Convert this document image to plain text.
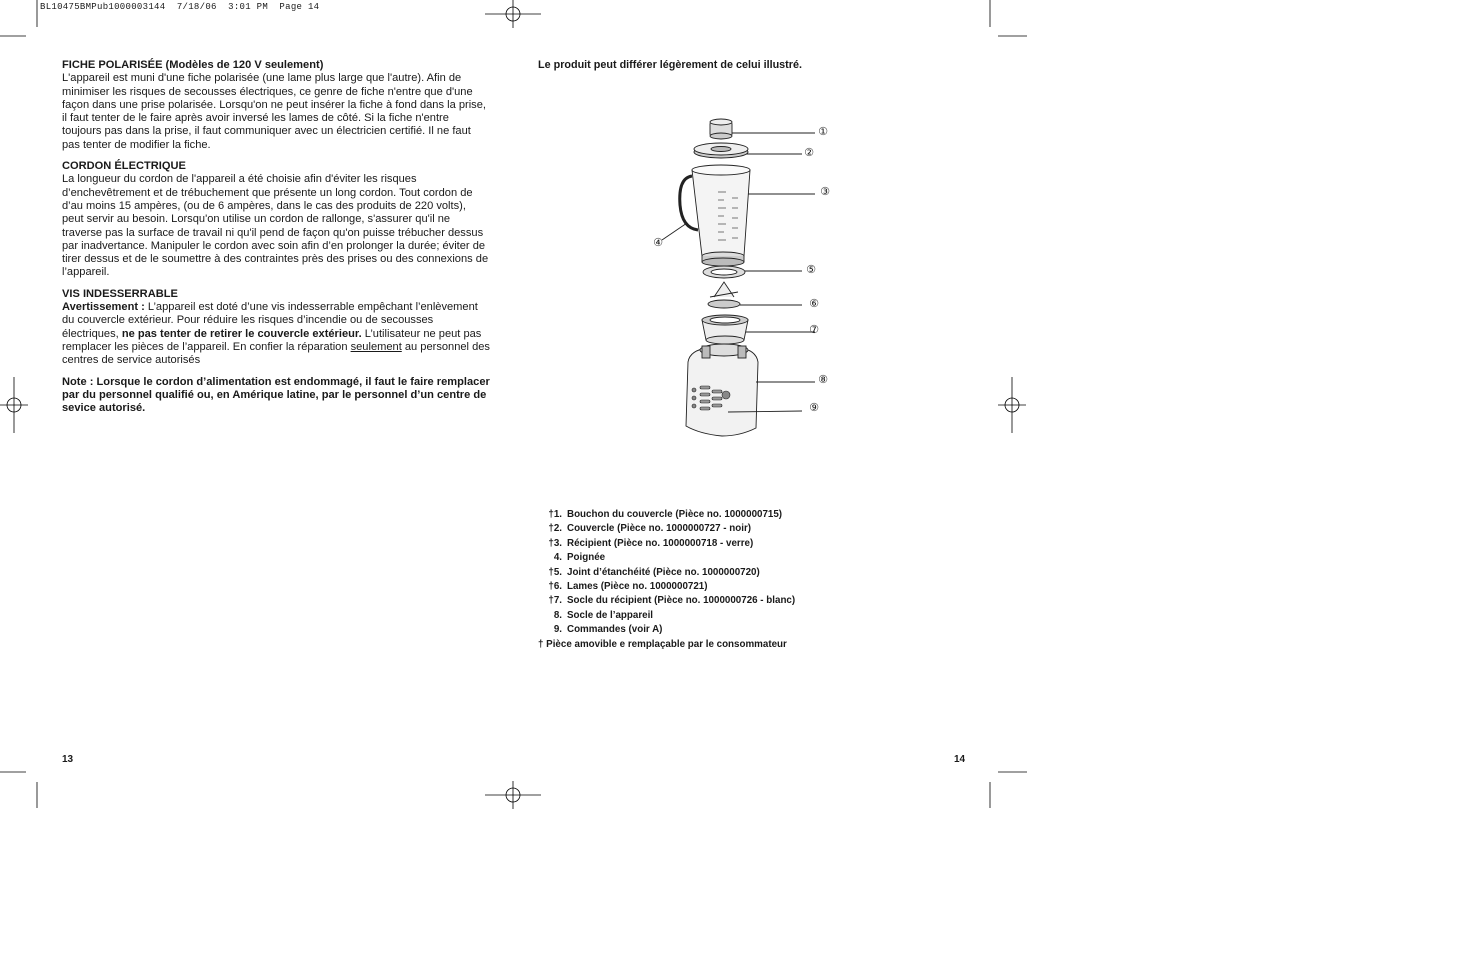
BL10475BMPub1000003144  7/18/06  3:01 PM  Page 14
FICHE POLARISÉE (Modèles de 120 V seulement)

L'appareil est muni d'une fiche polarisée (une lame plus large que l'autre). Afin de minimiser les risques de secousses électriques, ce genre de fiche n'entre que d'une façon dans une prise polarisée. Lorsqu'on ne peut insérer la fiche à fond dans la prise, il faut tenter de le faire après avoir inversé les lames de côté. Si la fiche n'entre toujours pas dans la prise, il faut communiquer avec un électricien certifié. Il ne faut pas tenter de modifier la fiche.

CORDON ÉLECTRIQUE

La longueur du cordon de l'appareil a été choisie afin d'éviter les risques d’enchevêtrement et de trébuchement que présente un long cordon. Tout cordon de d’au moins 15 ampères, (ou de 6 ampères, dans le cas des produits de 220 volts), peut servir au besoin. Lorsqu'on utilise un cordon de rallonge, s'assurer qu'il ne traverse pas la surface de travail ni qu'il pend de façon qu'on puisse trébucher dessus par inadvertance. Manipuler le cordon avec soin afin d’en prolonger la durée; éviter de tirer dessus et de le soumettre à des contraintes près des prises ou des connexions de l’appareil.

VIS INDESSERRABLE

Avertissement : L’appareil est doté d’une vis indesserrable empêchant l’enlèvement du couvercle extérieur. Pour réduire les risques d’incendie ou de secousses électriques, ne pas tenter de retirer le couvercle extérieur. L’utilisateur ne peut pas remplacer les pièces de l’appareil. En confier la réparation seulement au personnel des centres de service autorisés

Note : Lorsque le cordon d’alimentation est endommagé, il faut le faire remplacer par du personnel qualifié ou, en Amérique latine, par le personnel d’un centre de sevice autorisé.

Le produit peut différer légèrement de celui illustré.
①
②
③
④
⑤
⑥
⑦
⑧
⑨
†1. Bouchon du couvercle (Pièce no. 1000000715)
†2. Couvercle (Pièce no. 1000000727 - noir)
†3. Récipient (Pièce no. 1000000718 - verre)
4. Poignée
†5. Joint d’étanchéité (Pièce no. 1000000720)
†6. Lames (Pièce no. 1000000721)
†7. Socle du récipient (Pièce no. 1000000726 - blanc)
8. Socle de l’appareil
9. Commandes (voir A)
† Pièce amovible e remplaçable par le consommateur
13	14
